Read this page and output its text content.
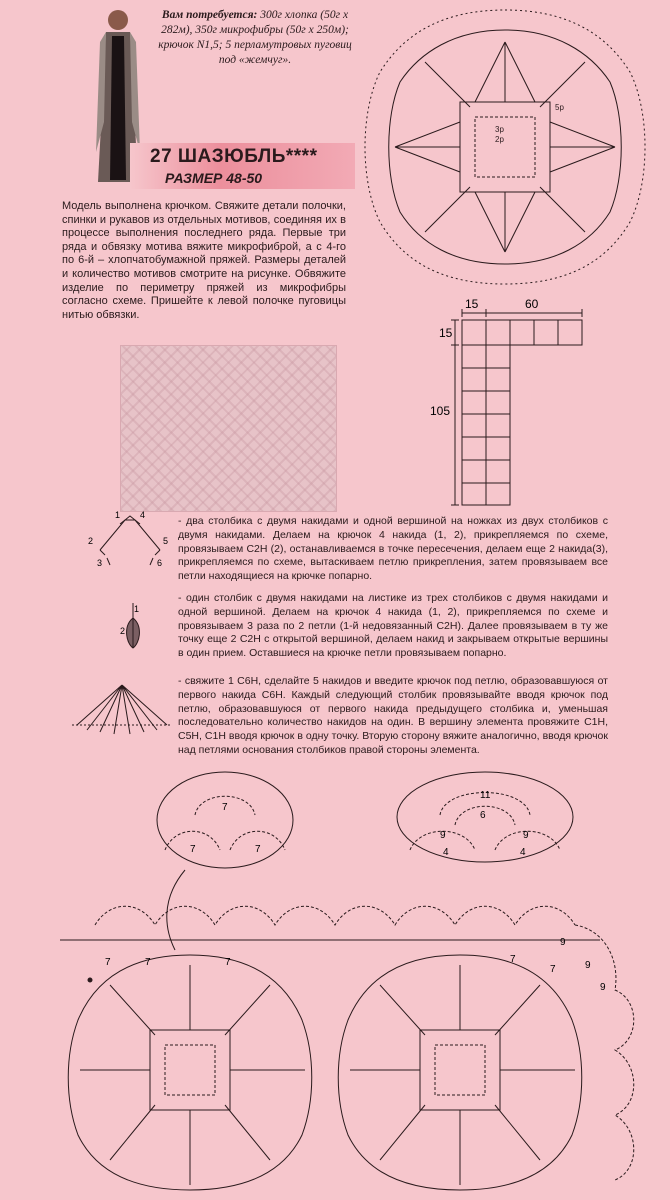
Вам потребуется: 300г хлопка (50г x 282м), 350г микрофибры (50г x 250м); крючок N1,5; 5 перламутровых пуговиц под «жемчуг».
27 ШАЗЮБЛЬ****
РАЗМЕР 48-50
5р
3р
2р
Модель выполнена крючком. Свяжите детали полочки, спинки и рукавов из отдельных мотивов, соединяя их в процессе выполнения последнего ряда. Первые три ряда и обвязку мотива вяжите микрофиброй, а с 4-го по 6-й – хлопчатобумажной пряжей. Размеры деталей и количество мотивов смотрите на рисунке. Обвяжите изделие по периметру пряжей из микрофибры согласно схеме. Пришейте к левой полочке пуговицы нитью обвязки.
15	60
15
105
1 4
2	5
3	6
- два столбика с двумя накидами и одной вершиной на ножках из двух столбиков с двумя накидами. Делаем на крючок 4 накида (1, 2), прикрепляемся по схеме, провязываем С2Н (2), останавливаемся в точке пересечения, делаем еще 2 накида(3), прикрепляемся по схеме, вытаскиваем петлю прикрепления, затем провязываем все петли находящиеся на крючке попарно.
1
2
- один столбик с двумя накидами на листике из трех столбиков с двумя накидами и одной вершиной. Делаем на крючок 4 накида (1, 2), прикрепляемся по схеме и провязываем 3 раза по 2 петли (1-й недовязанный С2Н). Далее провязываем в ту же точку еще 2 С2Н с открытой вершиной, делаем накид и закрываем открытые вершины в один прием. Оставшиеся на крючке петли провязываем попарно.
- свяжите 1 С6Н, сделайте 5 накидов и введите крючок под петлю, образовавшуюся от первого накида С6Н. Каждый следующий столбик провязывайте вводя крючок под петлю, образовавшуюся от первого накида предыдущего столбика и, уменьшая последовательно количество накидов на один. В вершину элемента провяжите С1Н, С5Н, С1Н вводя крючок в одну точку. Вторую сторону вяжите аналогично, вводя крючок над петлями основания столбиков правой стороны элемента.
7
7	7
11
6
9	9
4	4
9
9
9
7	7	7	7
7
